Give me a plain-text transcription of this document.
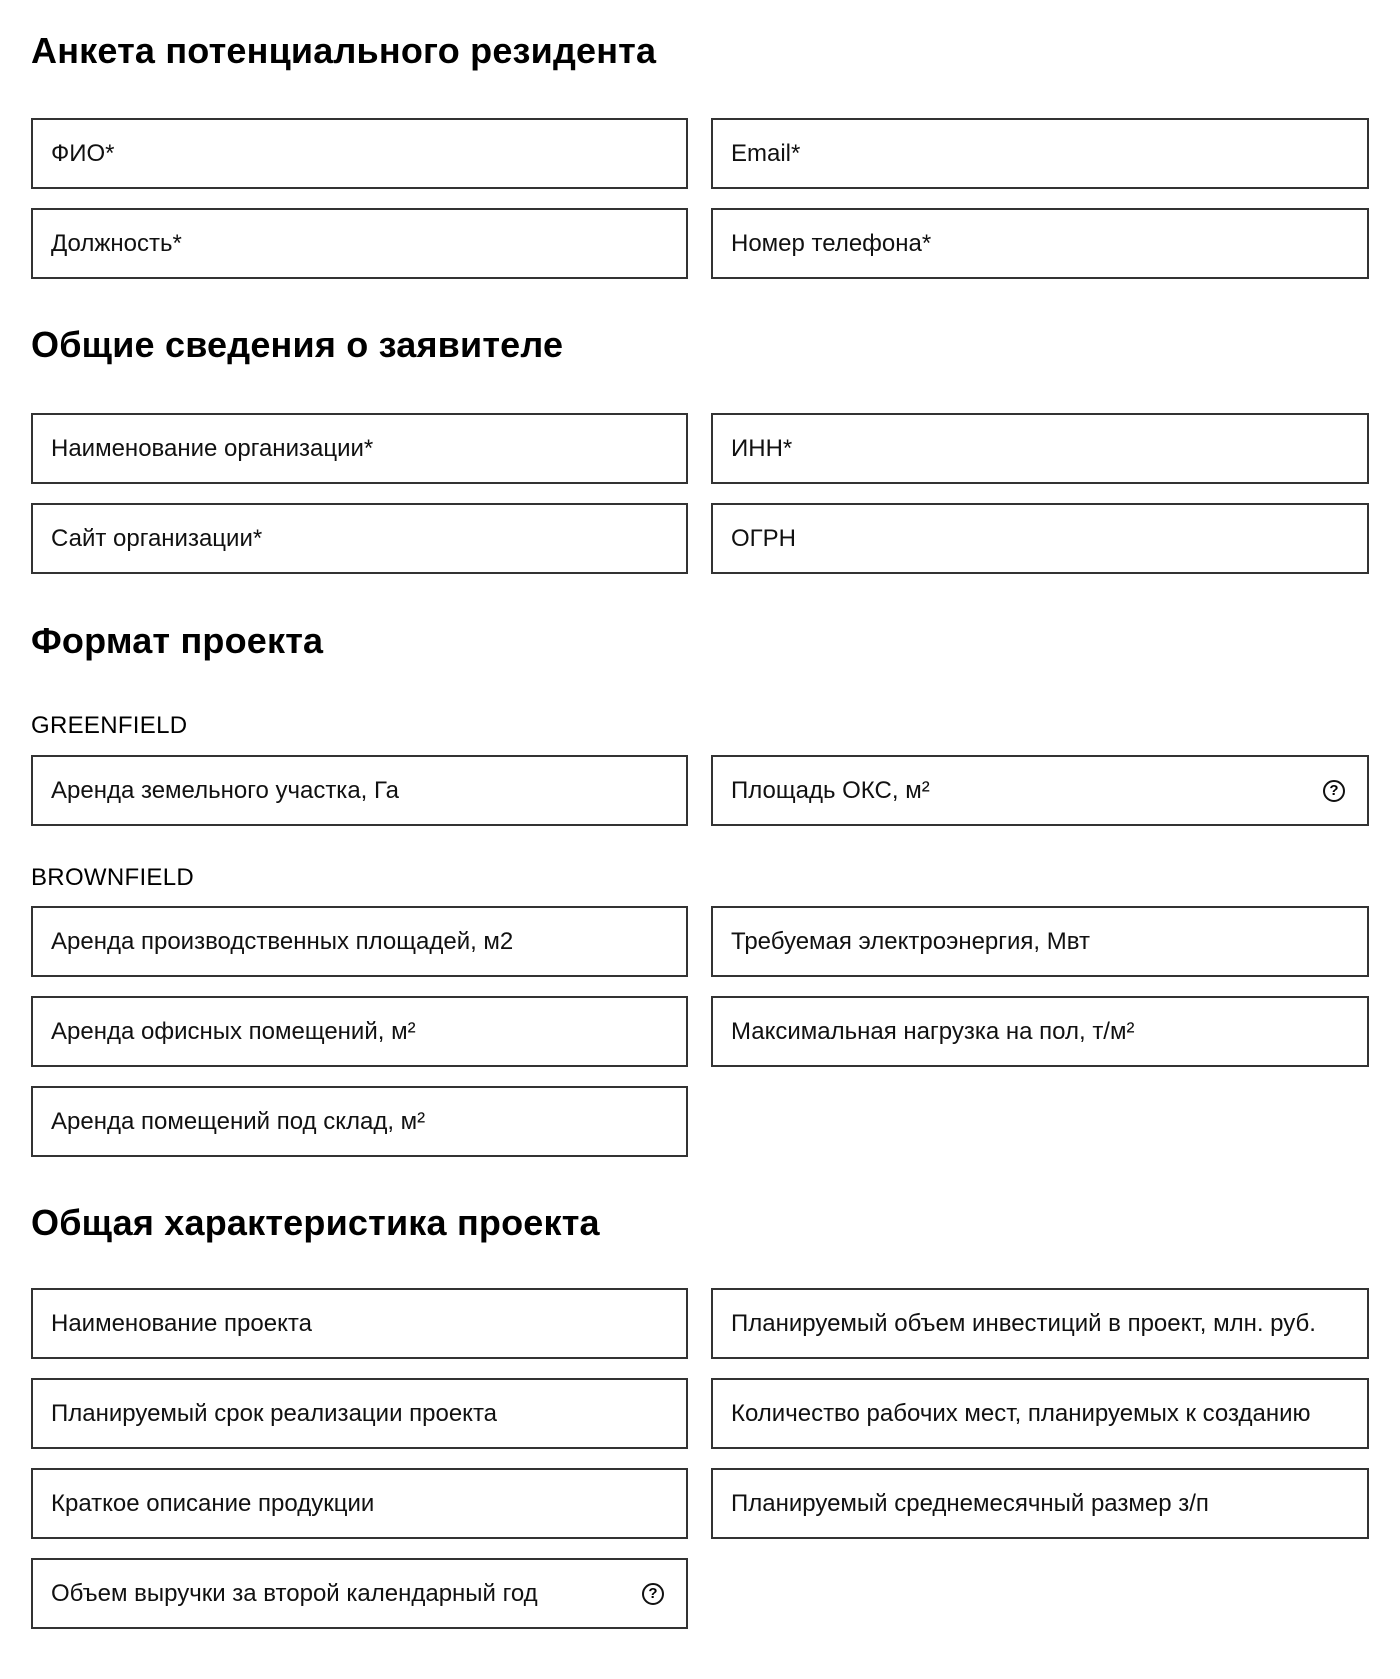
Анкета потенциального резидента
ФИО*	Email*
Должность*	Номер телефона*
Общие сведения о заявителе
Наименование организации*	ИНН*
Сайт организации*	ОГРН
Формат проекта
GREENFIELD
Аренда земельного участка, Га	Площадь ОКС, м²	?
BROWNFIELD
Аренда производственных площадей, м2	Требуемая электроэнергия, Мвт
Аренда офисных помещений, м²	Максимальная нагрузка на пол, т/м²
Аренда помещений под склад, м²
Общая характеристика проекта
Наименование проекта	Планируемый объем инвестиций в проект, млн. руб.
Планируемый срок реализации проекта	Количество рабочих мест, планируемых к созданию
Краткое описание продукции	Планируемый среднемесячный размер з/п
Объем выручки за второй календарный год	?
